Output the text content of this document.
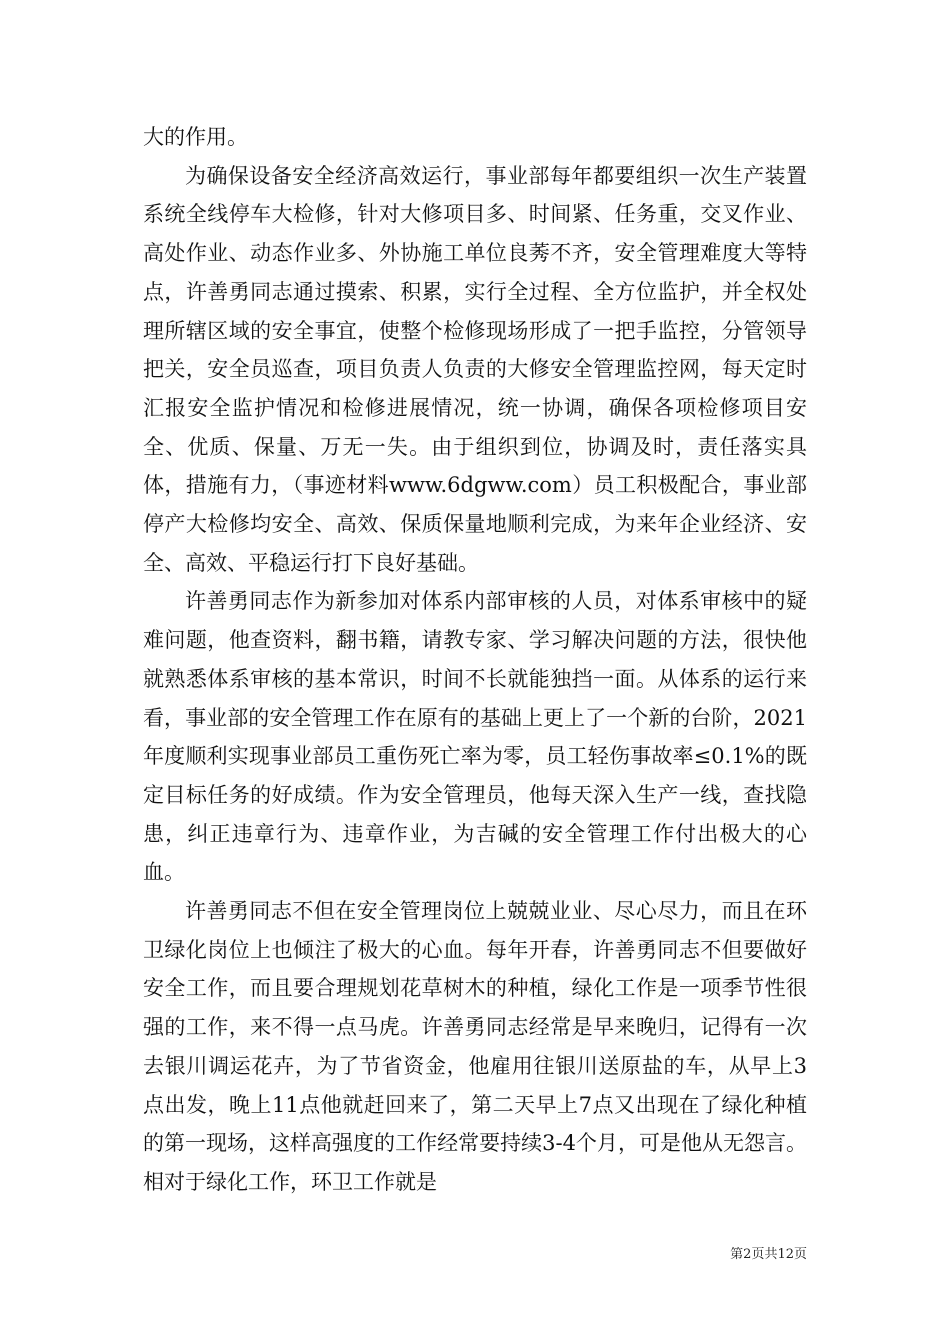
大的作用。

为确保设备安全经济高效运行，事业部每年都要组织一次生产装置系统全线停车大检修，针对大修项目多、时间紧、任务重，交叉作业、高处作业、动态作业多、外协施工单位良莠不齐，安全管理难度大等特点，许善勇同志通过摸索、积累，实行全过程、全方位监护，并全权处理所辖区域的安全事宜，使整个检修现场形成了一把手监控，分管领导把关，安全员巡查，项目负责人负责的大修安全管理监控网，每天定时汇报安全监护情况和检修进展情况，统一协调，确保各项检修项目安全、优质、保量、万无一失。由于组织到位，协调及时，责任落实具体，措施有力，（事迹材料www.6dgww.com）员工积极配合，事业部停产大检修均安全、高效、保质保量地顺利完成，为来年企业经济、安全、高效、平稳运行打下良好基础。

许善勇同志作为新参加对体系内部审核的人员，对体系审核中的疑难问题，他查资料，翻书籍，请教专家、学习解决问题的方法，很快他就熟悉体系审核的基本常识，时间不长就能独挡一面。从体系的运行来看，事业部的安全管理工作在原有的基础上更上了一个新的台阶，2021年度顺利实现事业部员工重伤死亡率为零，员工轻伤事故率≤0.1%的既定目标任务的好成绩。作为安全管理员，他每天深入生产一线，查找隐患，纠正违章行为、违章作业，为吉碱的安全管理工作付出极大的心血。

许善勇同志不但在安全管理岗位上兢兢业业、尽心尽力，而且在环卫绿化岗位上也倾注了极大的心血。每年开春，许善勇同志不但要做好安全工作，而且要合理规划花草树木的种植，绿化工作是一项季节性很强的工作，来不得一点马虎。许善勇同志经常是早来晚归，记得有一次去银川调运花卉，为了节省资金，他雇用往银川送原盐的车，从早上3点出发，晚上11点他就赶回来了，第二天早上7点又出现在了绿化种植的第一现场，这样高强度的工作经常要持续3-4个月，可是他从无怨言。相对于绿化工作，环卫工作就是

第2页共12页
